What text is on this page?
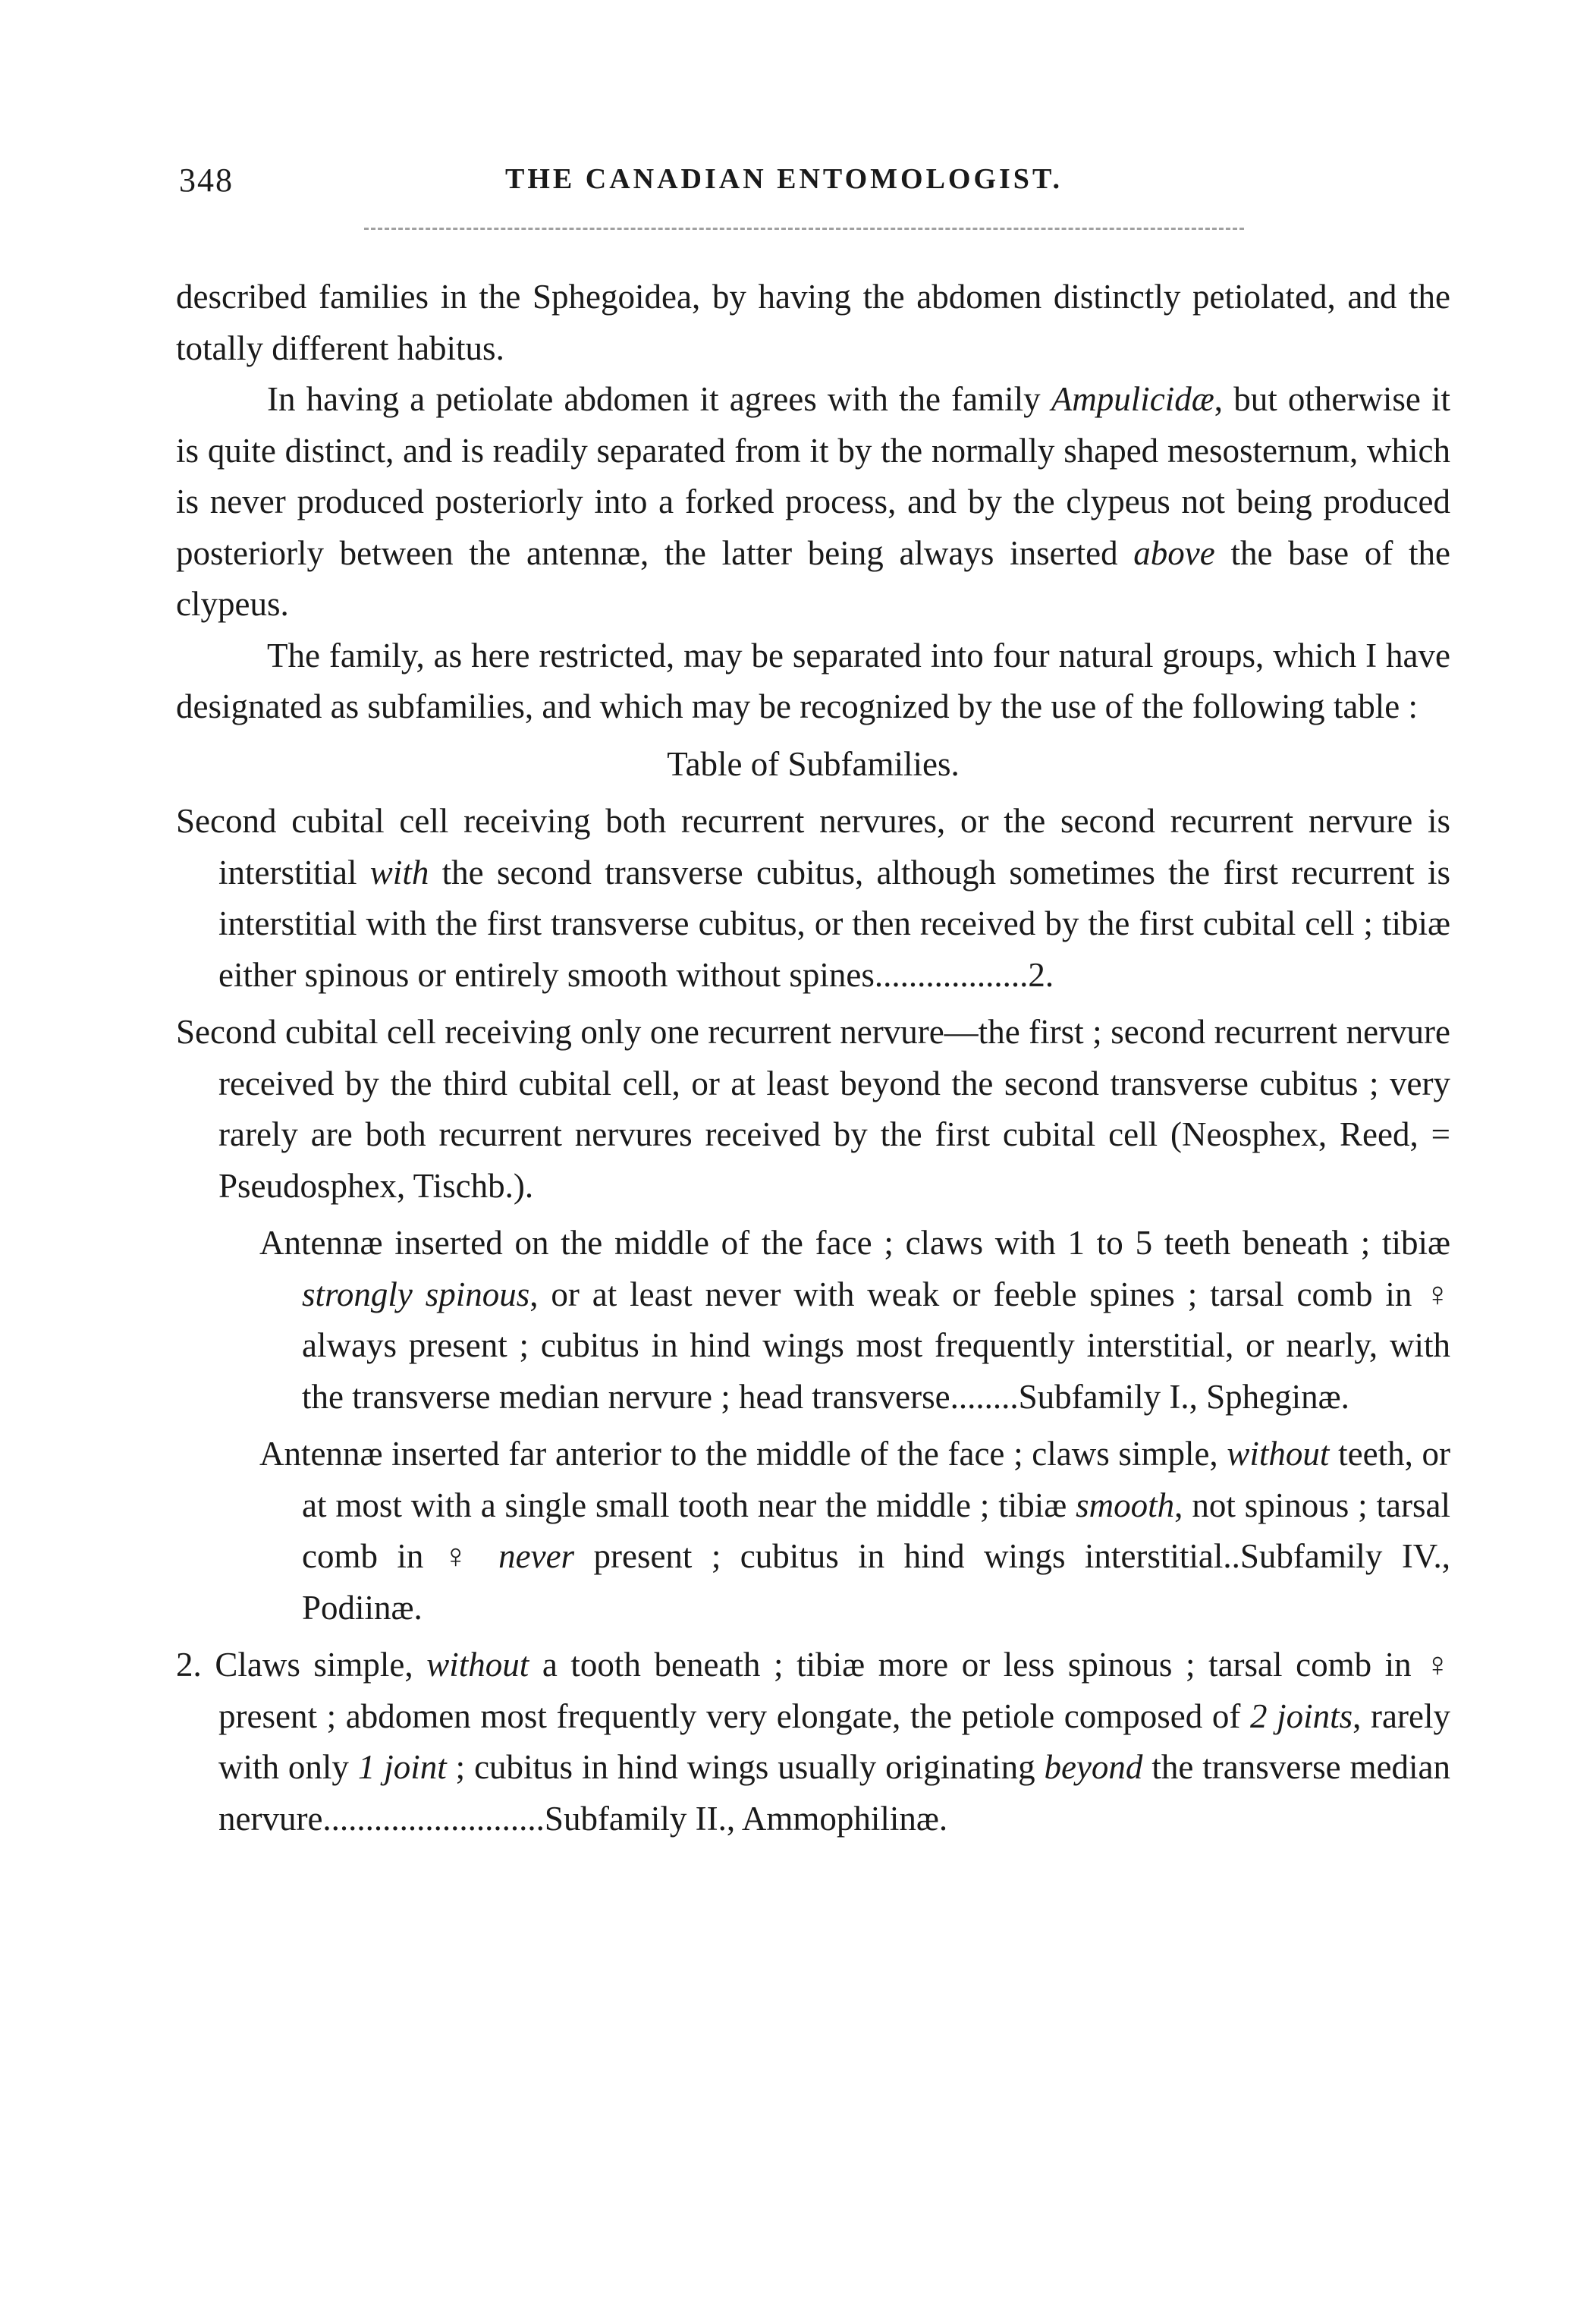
348	THE CANADIAN ENTOMOLOGIST.

described families in the Sphegoidea, by having the abdomen distinctly petiolated, and the totally different habitus.

In having a petiolate abdomen it agrees with the family Ampulicidæ, but otherwise it is quite distinct, and is readily separated from it by the normally shaped mesosternum, which is never produced posteriorly into a forked process, and by the clypeus not being produced posteriorly between the antennæ, the latter being always inserted above the base of the clypeus.

The family, as here restricted, may be separated into four natural groups, which I have designated as subfamilies, and which may be recognized by the use of the following table :

Table of Subfamilies.

Second cubital cell receiving both recurrent nervures, or the second recurrent nervure is interstitial with the second transverse cubitus, although sometimes the first recurrent is interstitial with the first transverse cubitus, or then received by the first cubital cell ; tibiæ either spinous or entirely smooth without spines..................2.

Second cubital cell receiving only one recurrent nervure—the first ; second recurrent nervure received by the third cubital cell, or at least beyond the second transverse cubitus ; very rarely are both recurrent nervures received by the first cubital cell (Neosphex, Reed, = Pseudosphex, Tischb.).

Antennæ inserted on the middle of the face ; claws with 1 to 5 teeth beneath ; tibiæ strongly spinous, or at least never with weak or feeble spines ; tarsal comb in ♀ always present ; cubitus in hind wings most frequently interstitial, or nearly, with the transverse median nervure ; head transverse........Subfamily I., Spheginæ.

Antennæ inserted far anterior to the middle of the face ; claws simple, without teeth, or at most with a single small tooth near the middle ; tibiæ smooth, not spinous ; tarsal comb in ♀ never present ; cubitus in hind wings interstitial..Subfamily IV., Podiinæ.

2. Claws simple, without a tooth beneath ; tibiæ more or less spinous ; tarsal comb in ♀ present ; abdomen most frequently very elongate, the petiole composed of 2 joints, rarely with only 1 joint ; cubitus in hind wings usually originating beyond the transverse median nervure..........................Subfamily II., Ammophilinæ.
